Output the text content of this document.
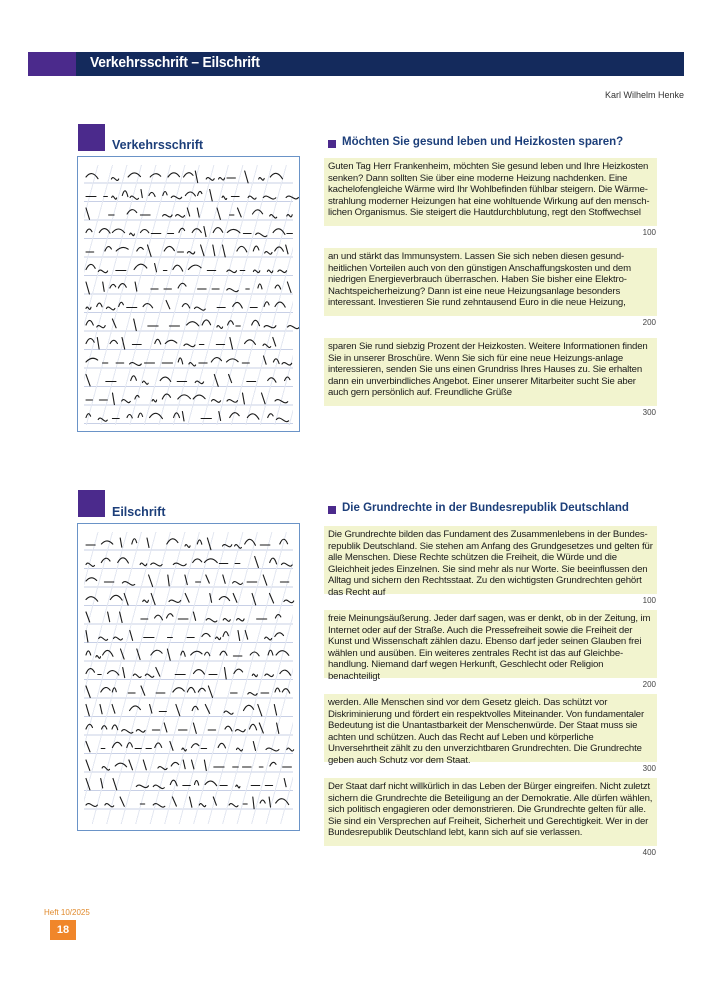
Verkehrsschrift – Eilschrift
Karl Wilhelm Henke
Verkehrsschrift
Eilschrift
Möchten Sie gesund leben und Heizkosten sparen?
Guten Tag Herr Frankenheim, möchten Sie gesund leben und Ihre Heizkosten senken? Dann sollten Sie über eine moderne Heizung nachdenken. Eine kachelofengleiche Wärme wird Ihr Wohlbefinden fühlbar steigern. Die Wärme-strahlung moderner Heizungen hat eine wohltuende Wirkung auf den mensch-lichen Organismus. Sie steigert die Hautdurchblutung, regt den Stoffwechsel
100
an und stärkt das Immunsystem. Lassen Sie sich neben diesen gesund-heitlichen Vorteilen auch von den günstigen Anschaffungskosten und dem niedrigen Energieverbrauch überraschen. Haben Sie bisher eine Elektro-Nachtspeicherheizung? Dann ist eine neue Heizungsanlage besonders interessant. Investieren Sie rund zehntausend Euro in die neue Heizung,
200
sparen Sie rund siebzig Prozent der Heizkosten. Weitere Informationen finden Sie in unserer Broschüre. Wenn Sie sich für eine neue Heizungs-anlage interessieren, senden Sie uns einen Grundriss Ihres Hauses zu. Sie erhalten dann ein unverbindliches Angebot. Einer unserer Mitarbeiter sucht Sie aber auch gern persönlich auf. Freundliche Grüße
300
Die Grundrechte in der Bundesrepublik Deutschland
Die Grundrechte bilden das Fundament des Zusammenlebens in der Bundes-republik Deutschland. Sie stehen am Anfang des Grundgesetzes und gelten für alle Menschen. Diese Rechte schützen die Freiheit, die Würde und die Gleichheit jedes Einzelnen. Sie sind mehr als nur Worte. Sie beeinflussen den Alltag und sichern den Rechtsstaat. Zu den wichtigsten Grundrechten gehört das Recht auf
100
freie Meinungsäußerung. Jeder darf sagen, was er denkt, ob in der Zeitung, im Internet oder auf der Straße. Auch die Pressefreiheit sowie die Freiheit der Kunst und Wissenschaft zählen dazu. Ebenso darf jeder seinen Glauben frei wählen und ausüben. Ein weiteres zentrales Recht ist das auf Gleichbe-handlung. Niemand darf wegen Herkunft, Geschlecht oder Religion benachteiligt
200
werden. Alle Menschen sind vor dem Gesetz gleich. Das schützt vor Diskriminierung und fördert ein respektvolles Miteinander. Von fundamentaler Bedeutung ist die Unantastbarkeit der Menschenwürde. Der Staat muss sie achten und schützen. Auch das Recht auf Leben und körperliche Unversehrtheit zählt zu den unverzichtbaren Grundrechten. Die Grundrechte geben auch Schutz vor dem Staat.
300
Der Staat darf nicht willkürlich in das Leben der Bürger eingreifen. Nicht zuletzt sichern die Grundrechte die Beteiligung an der Demokratie. Alle dürfen wählen, sich politisch engagieren oder demonstrieren. Die Grundrechte gelten für alle. Sie sind ein Versprechen auf Freiheit, Sicherheit und Gerechtigkeit. Wer in der Bundesrepublik Deutschland lebt, kann sich auf sie verlassen.
400
Heft 10/2025
18
